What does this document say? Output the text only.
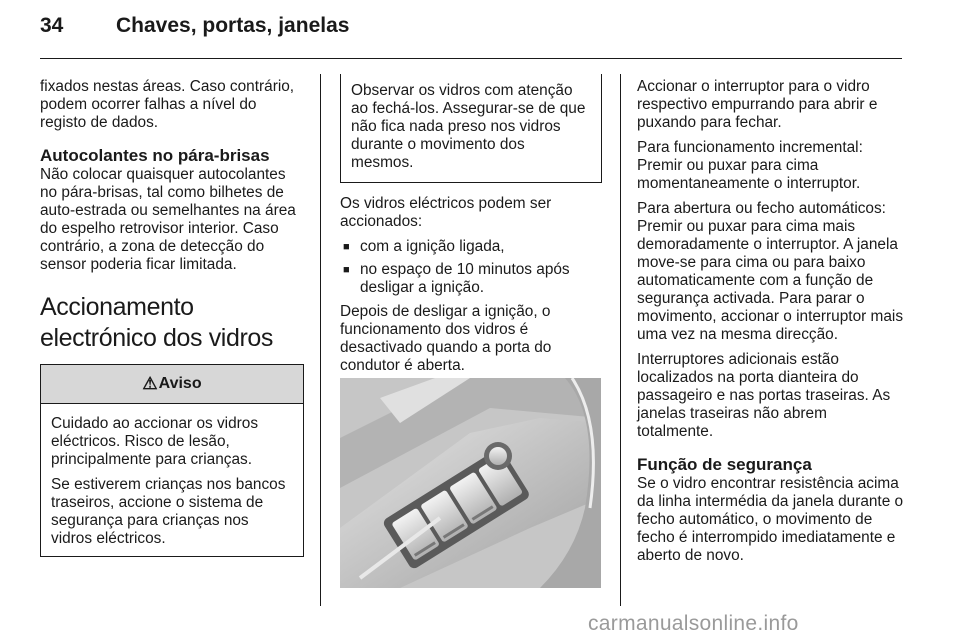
34	Chaves, portas, janelas

fixados nestas áreas. Caso contrário, podem ocorrer falhas a nível do registo de dados.

Autocolantes no pára-brisas

Não colocar quaisquer autocolantes no pára-brisas, tal como bilhetes de auto-estrada ou semelhantes na área do espelho retrovisor interior. Caso contrário, a zona de detecção do sensor poderia ficar limitada.

Accionamento electrónico dos vidros
⚠ Aviso

Cuidado ao accionar os vidros eléctricos. Risco de lesão, principalmente para crianças.

Se estiverem crianças nos bancos traseiros, accione o sistema de segurança para crianças nos vidros eléctricos.

Observar os vidros com atenção ao fechá-los. Assegurar-se de que não fica nada preso nos vidros durante o movimento dos mesmos.

Os vidros eléctricos podem ser accionados:

■ com a ignição ligada,
■ no espaço de 10 minutos após desligar a ignição.

Depois de desligar a ignição, o funcionamento dos vidros é desactivado quando a porta do condutor é aberta.

Accionar o interruptor para o vidro respectivo empurrando para abrir e puxando para fechar.

Para funcionamento incremental: Premir ou puxar para cima momentaneamente o interruptor.

Para abertura ou fecho automáticos: Premir ou puxar para cima mais demoradamente o interruptor. A janela move-se para cima ou para baixo automaticamente com a função de segurança activada. Para parar o movimento, accionar o interruptor mais uma vez na mesma direcção.

Interruptores adicionais estão localizados na porta dianteira do passageiro e nas portas traseiras. As janelas traseiras não abrem totalmente.

Função de segurança

Se o vidro encontrar resistência acima da linha intermédia da janela durante o fecho automático, o movimento de fecho é interrompido imediatamente e aberto de novo.

carmanualsonline.info
